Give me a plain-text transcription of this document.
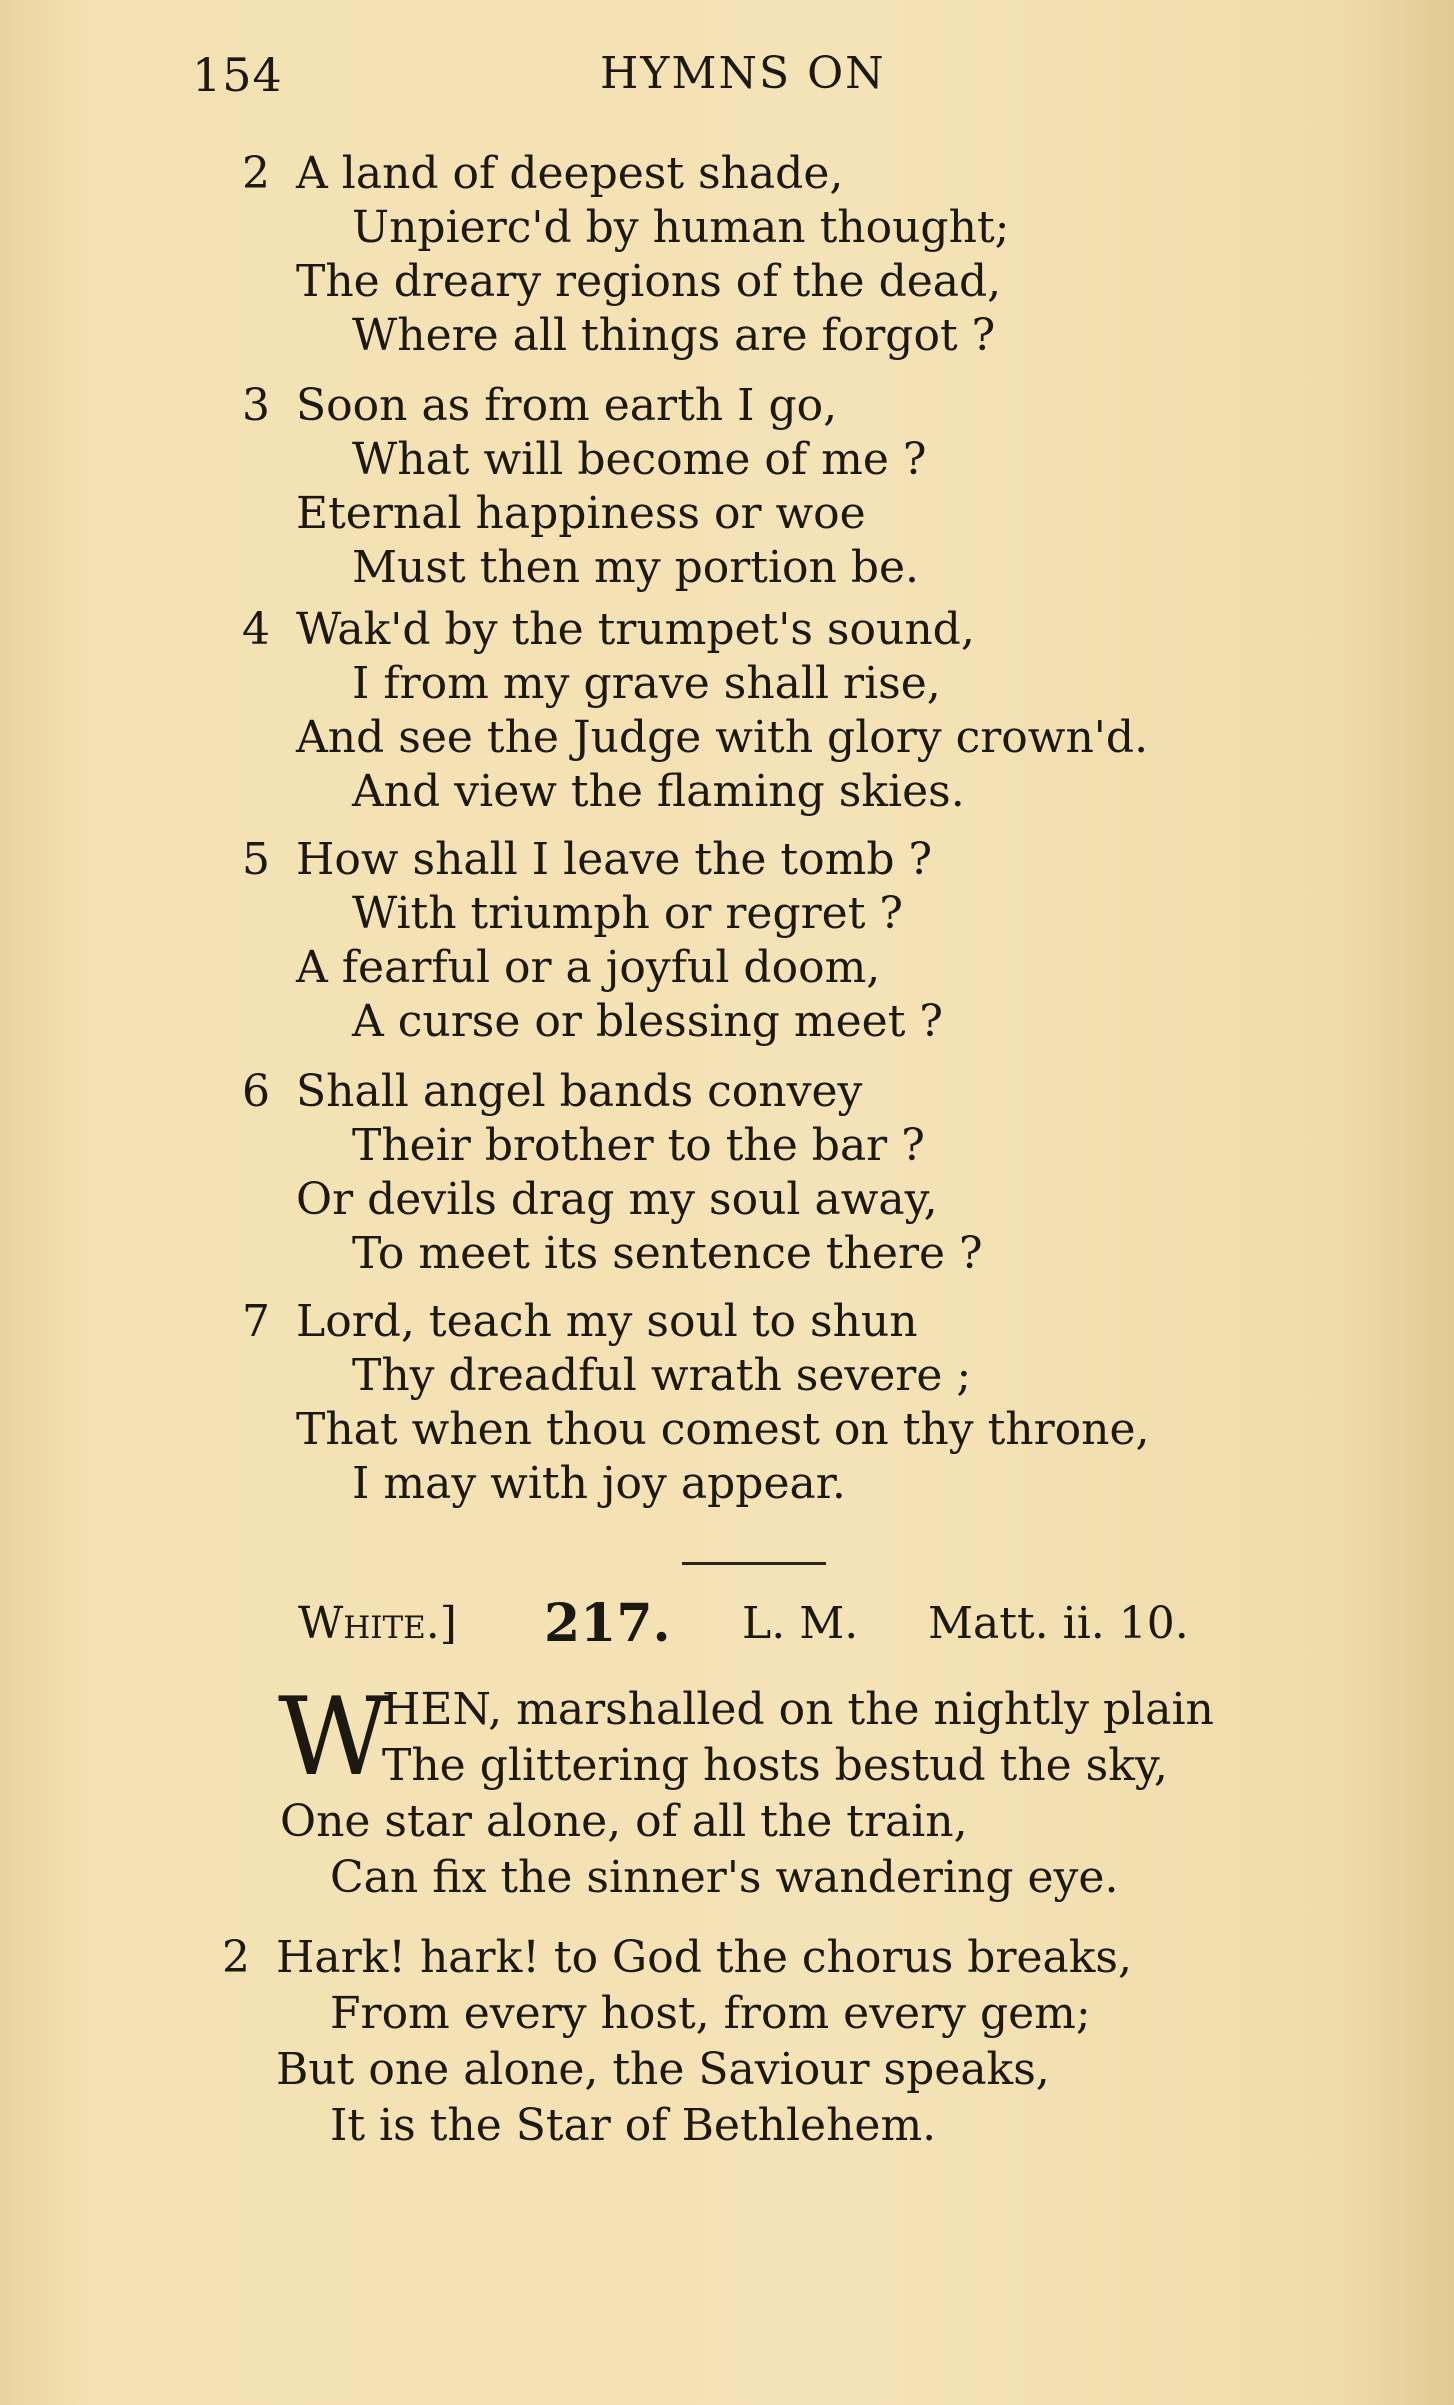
154	HYMNS ON
2 A land of deepest shade,
Unpierc'd by human thought;
The dreary regions of the dead,
Where all things are forgot ?
3 Soon as from earth I go,
What will become of me ?
Eternal happiness or woe
Must then my portion be.
4 Wak'd by the trumpet's sound,
I from my grave shall rise,
And see the Judge with glory crown'd.
And view the flaming skies.
5 How shall I leave the tomb ?
With triumph or regret ?
A fearful or a joyful doom,
A curse or blessing meet ?
6 Shall angel bands convey
Their brother to the bar ?
Or devils drag my soul away,
To meet its sentence there ?
7 Lord, teach my soul to shun
Thy dreadful wrath severe ;
That when thou comest on thy throne,
I may with joy appear.
White.] 217. L. M. Matt. ii. 10.
W
HEN, marshalled on the nightly plain
The glittering hosts bestud the sky,
One star alone, of all the train,
Can fix the sinner's wandering eye.
2 Hark! hark! to God the chorus breaks,
From every host, from every gem;
But one alone, the Saviour speaks,
It is the Star of Bethlehem.
